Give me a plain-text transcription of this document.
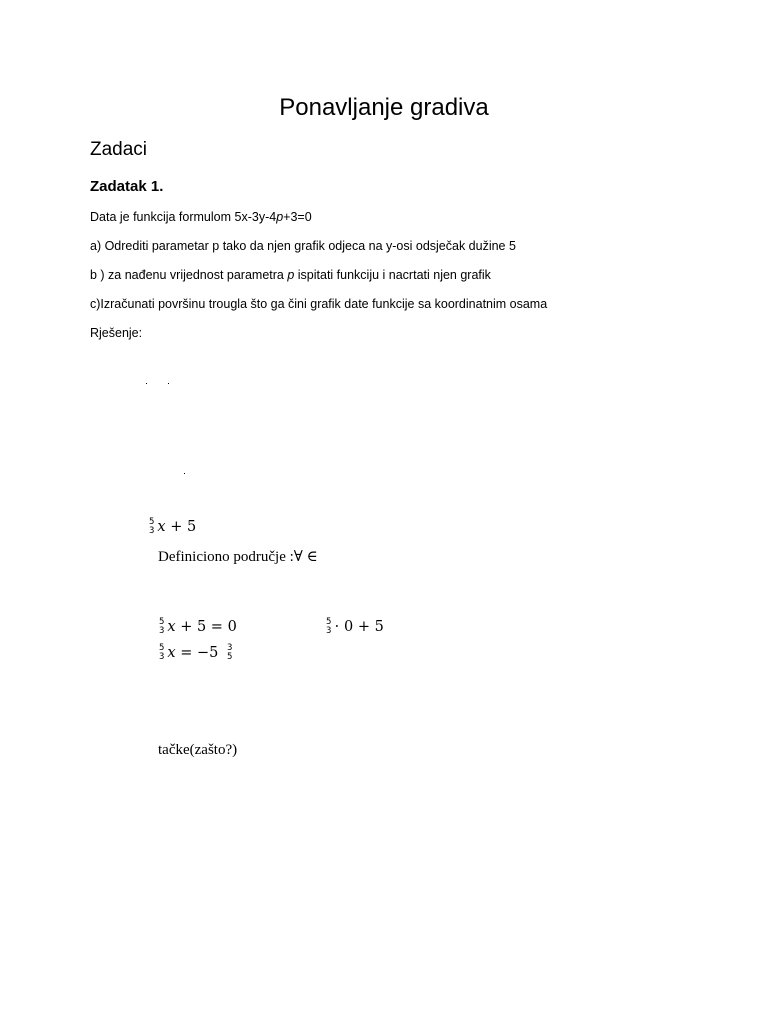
Ponavljanje gradiva
Zadaci
Zadatak 1.
Data je funkcija formulom 5x-3y-4p+3=0
a) Odrediti parametar p tako da njen grafik odjeca na y-osi odsječak dužine 5
b ) za nađenu vrijednost parametra p ispitati funkciju i nacrtati njen grafik
c)Izračunati površinu trougla što ga čini grafik date funkcije sa koordinatnim osama
Rješenje:
5
3 x + 5
Definiciono područje :∀ ∈
5
3 x + 5 = 0	5
3 ⋅ 0 + 5
5
3 x = −5 3
5
tačke(zašto?)
